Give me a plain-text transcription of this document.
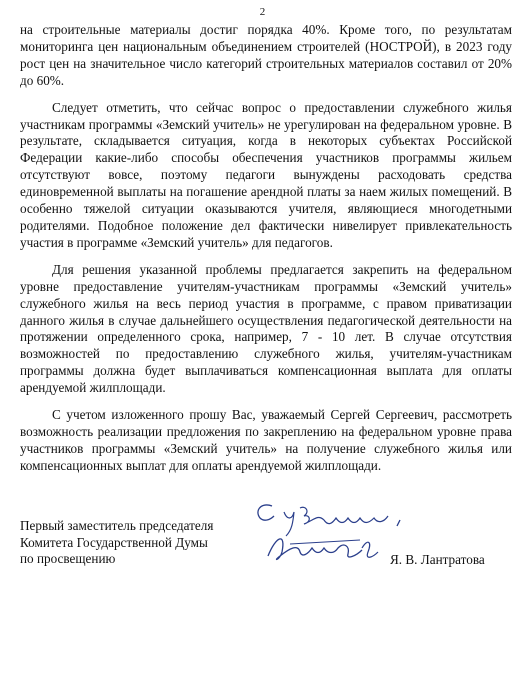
2

на строительные материалы достиг порядка 40%. Кроме того, по результатам мониторинга цен национальным объединением строителей (НОСТРОЙ), в 2023 году рост цен на значительное число категорий строительных материалов составил от 20% до 60%.

Следует отметить, что сейчас вопрос о предоставлении служебного жилья участникам программы «Земский учитель» не урегулирован на федеральном уровне. В результате, складывается ситуация, когда в некоторых субъектах Российской Федерации какие-либо способы обеспечения участников программы жильем отсутствуют вовсе, поэтому педагоги вынуждены расходовать средства единовременной выплаты на погашение арендной платы за наем жилых помещений. В особенно тяжелой ситуации оказываются учителя, являющиеся многодетными родителями. Подобное положение дел фактически нивелирует привлекательность участия в программе «Земский учитель» для педагогов.

Для решения указанной проблемы предлагается закрепить на федеральном уровне предоставление учителям-участникам программы «Земский учитель» служебного жилья на весь период участия в программе, с правом приватизации данного жилья в случае дальнейшего осуществления педагогической деятельности на протяжении определенного срока, например, 7 - 10 лет. В случае отсутствия возможностей по предоставлению служебного жилья, учителям-участникам программы должна будет выплачиваться компенсационная выплата для оплаты арендуемой жилплощади.

С учетом изложенного прошу Вас, уважаемый Сергей Сергеевич, рассмотреть возможность реализации предложения по закреплению на федеральном уровне права участников программы «Земский учитель» на получение служебного жилья или компенсационных выплат для оплаты арендуемой жилплощади.

Первый заместитель председателя
Комитета Государственной Думы
по просвещению	Я. В. Лантратова
